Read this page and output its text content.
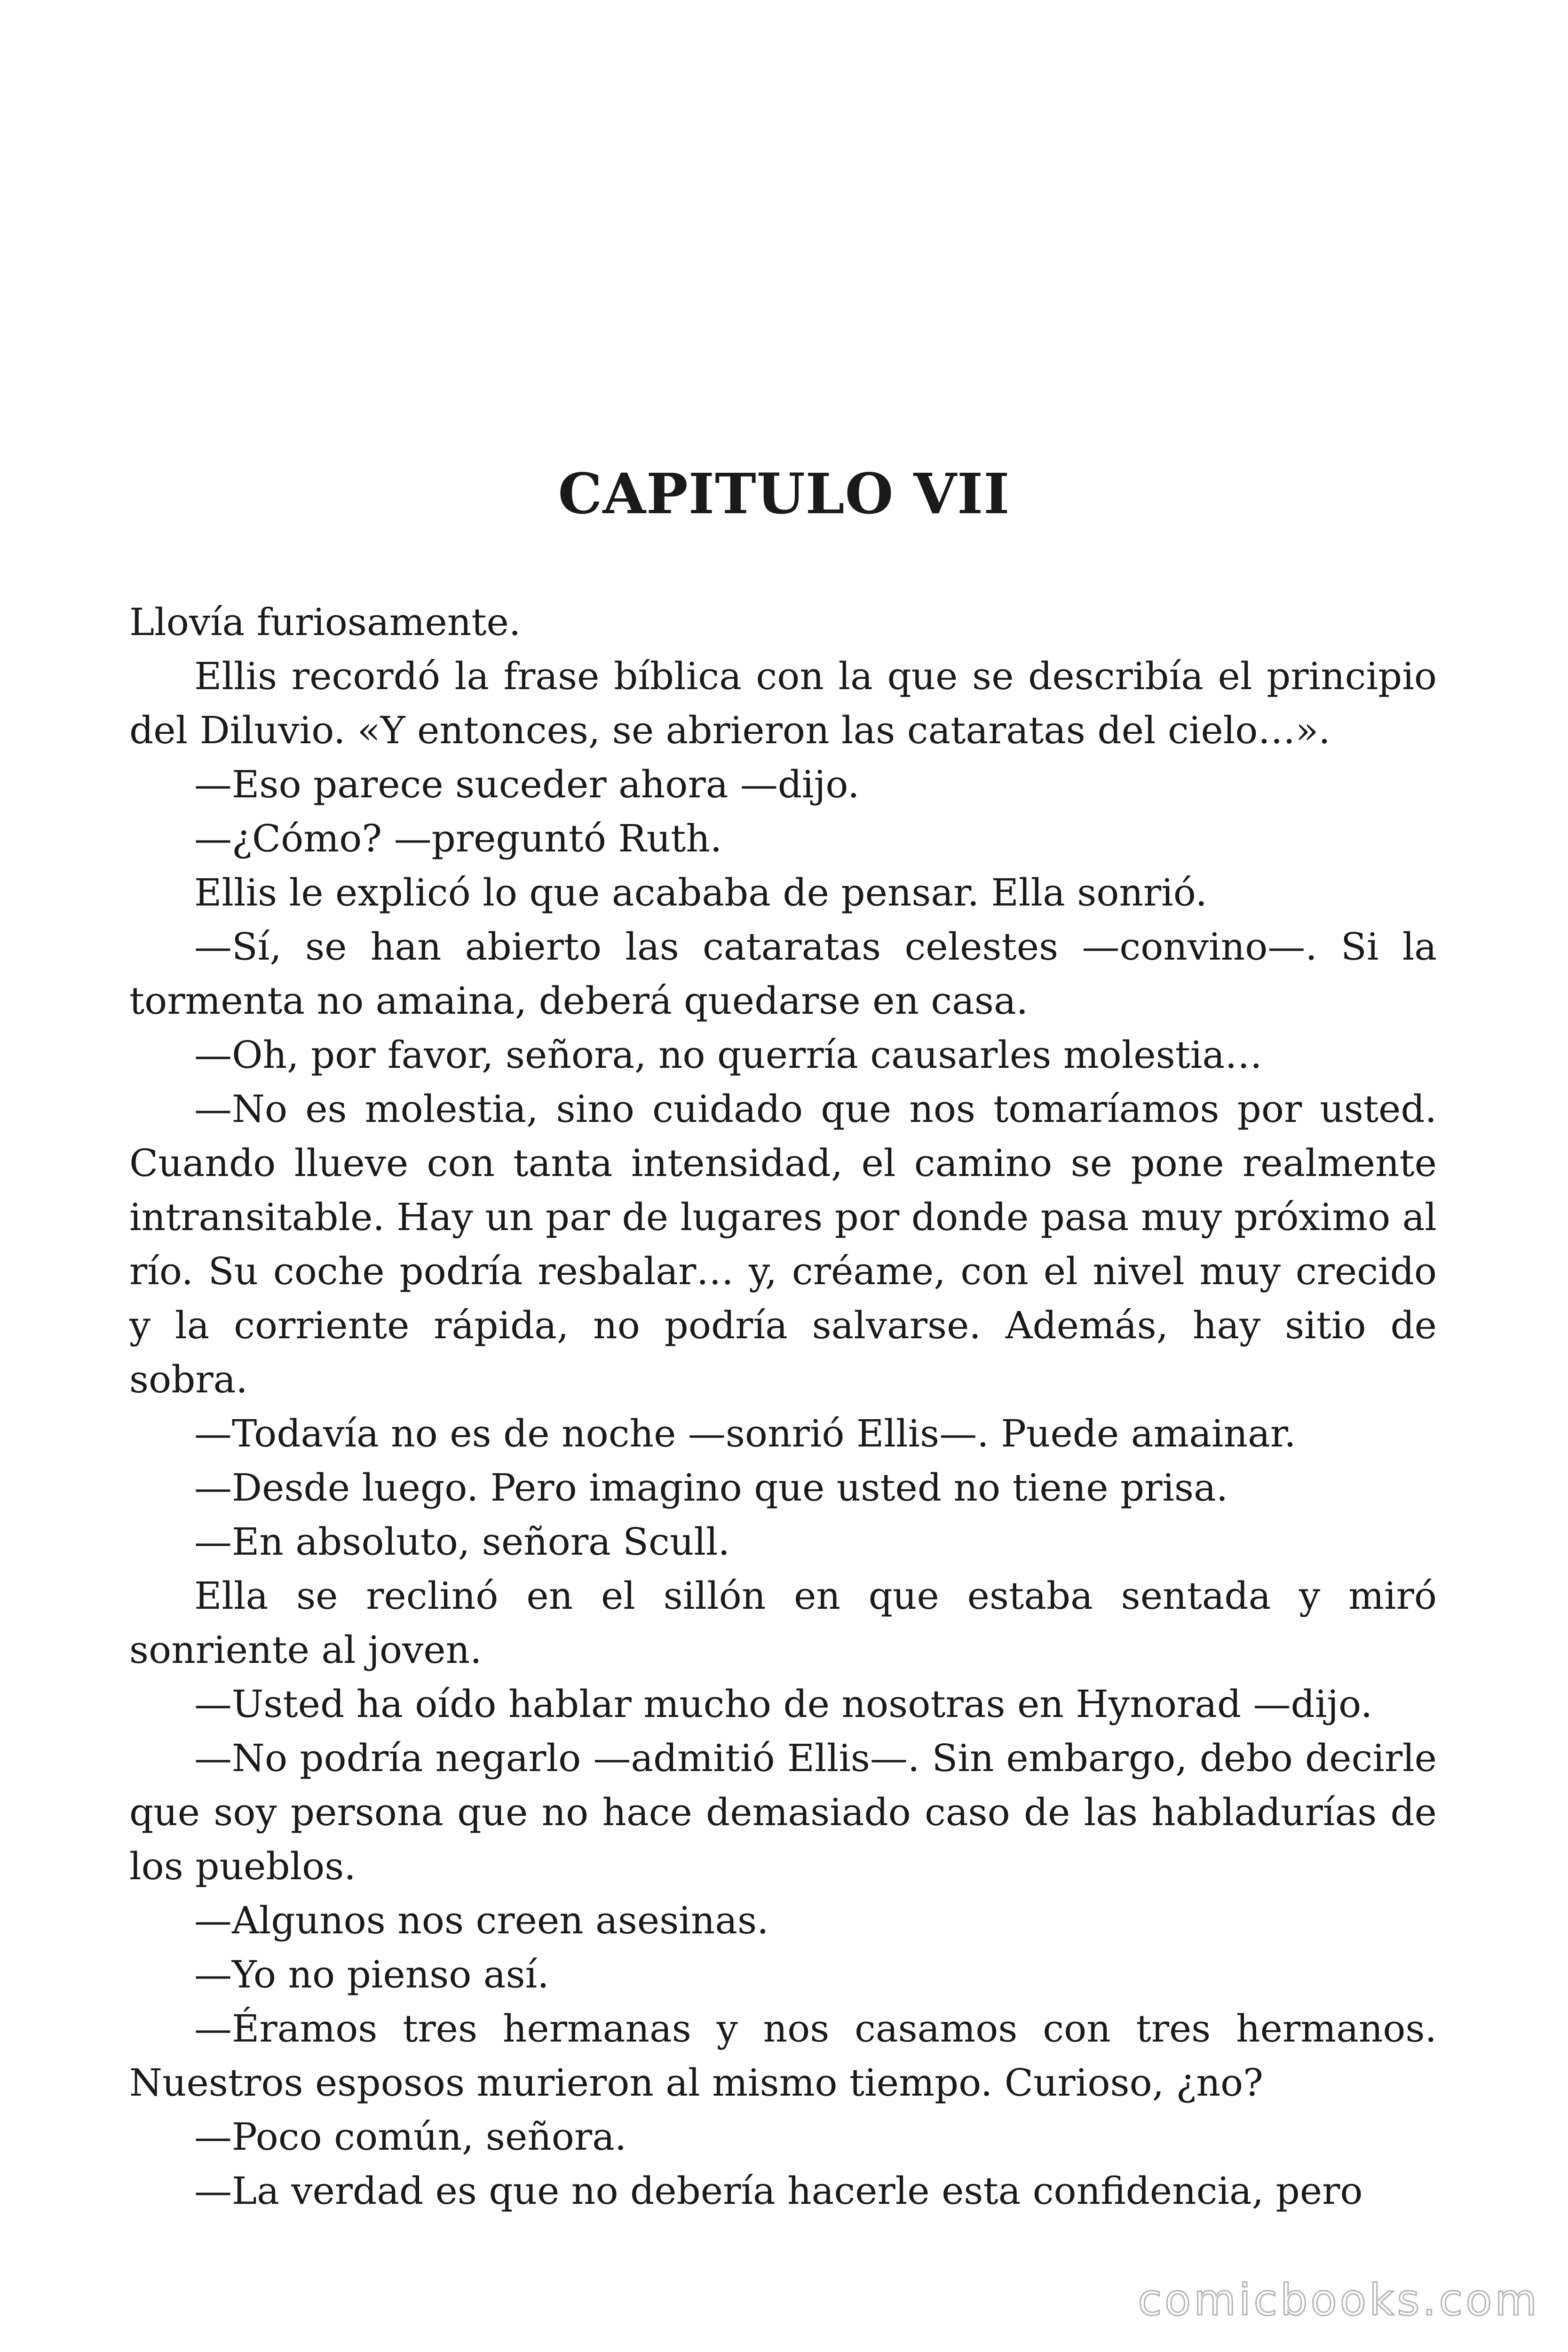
CAPITULO VII

Llovía furiosamente.

Ellis recordó la frase bíblica con la que se describía el principio del Diluvio. «Y entonces, se abrieron las cataratas del cielo…».

—Eso parece suceder ahora —dijo.

—¿Cómo? —preguntó Ruth.

Ellis le explicó lo que acababa de pensar. Ella sonrió.

—Sí, se han abierto las cataratas celestes —convino—. Si la tormenta no amaina, deberá quedarse en casa.

—Oh, por favor, señora, no querría causarles molestia…

—No es molestia, sino cuidado que nos tomaríamos por usted. Cuando llueve con tanta intensidad, el camino se pone realmente intransitable. Hay un par de lugares por donde pasa muy próximo al río. Su coche podría resbalar… y, créame, con el nivel muy crecido y la corriente rápida, no podría salvarse. Además, hay sitio de sobra.

—Todavía no es de noche —sonrió Ellis—. Puede amainar.

—Desde luego. Pero imagino que usted no tiene prisa.

—En absoluto, señora Scull.

Ella se reclinó en el sillón en que estaba sentada y miró sonriente al joven.

—Usted ha oído hablar mucho de nosotras en Hynorad —dijo.

—No podría negarlo —admitió Ellis—. Sin embargo, debo decirle que soy persona que no hace demasiado caso de las habladurías de los pueblos.

—Algunos nos creen asesinas.

—Yo no pienso así.

—Éramos tres hermanas y nos casamos con tres hermanos. Nuestros esposos murieron al mismo tiempo. Curioso, ¿no?

—Poco común, señora.

—La verdad es que no debería hacerle esta confidencia, pero

comicbooks.com
